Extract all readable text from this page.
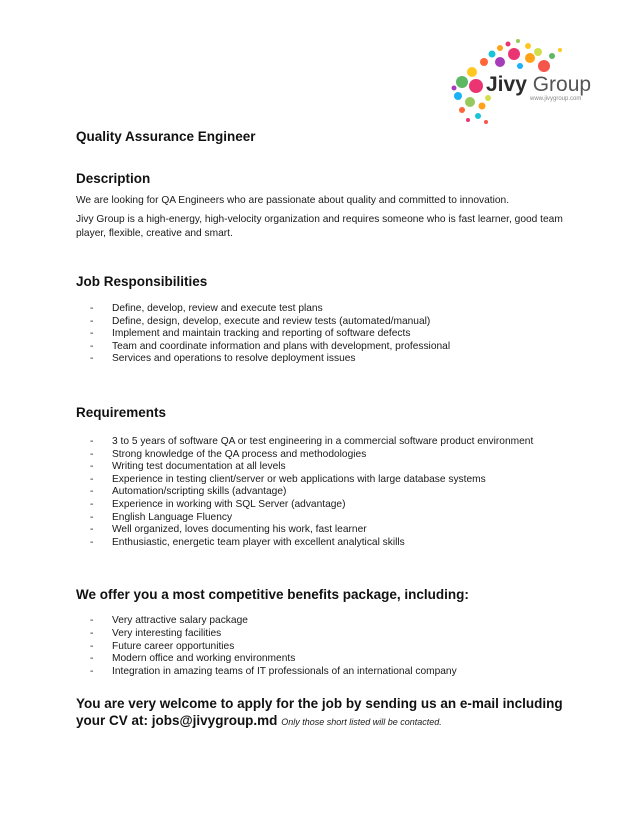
Jivy Group
www.jivygroup.com
Quality Assurance Engineer
Description

We are looking for QA Engineers who are passionate about quality and committed to innovation.

Jivy Group is a high-energy, high-velocity organization and requires someone who is fast learner, good team player, flexible, creative and smart.

Job Responsibilities
- Define, develop, review and execute test plans
- Define, design, develop, execute and review tests (automated/manual)
- Implement and maintain tracking and reporting of software defects
- Team and coordinate information and plans with development, professional
- Services and operations to resolve deployment issues
Requirements
- 3 to 5 years of software QA or test engineering in a commercial software product environment
- Strong knowledge of the QA process and methodologies
- Writing test documentation at all levels
- Experience in testing client/server or web applications with large database systems
- Automation/scripting skills (advantage)
- Experience in working with SQL Server (advantage)
- English Language Fluency
- Well organized, loves documenting his work, fast learner
- Enthusiastic, energetic team player with excellent analytical skills
We offer you a most competitive benefits package, including:
- Very attractive salary package
- Very interesting facilities
- Future career opportunities
- Modern office and working environments
- Integration in amazing teams of IT professionals of an international company

You are very welcome to apply for the job by sending us an e-mail including your CV at: jobs@jivygroup.md Only those short listed will be contacted.
